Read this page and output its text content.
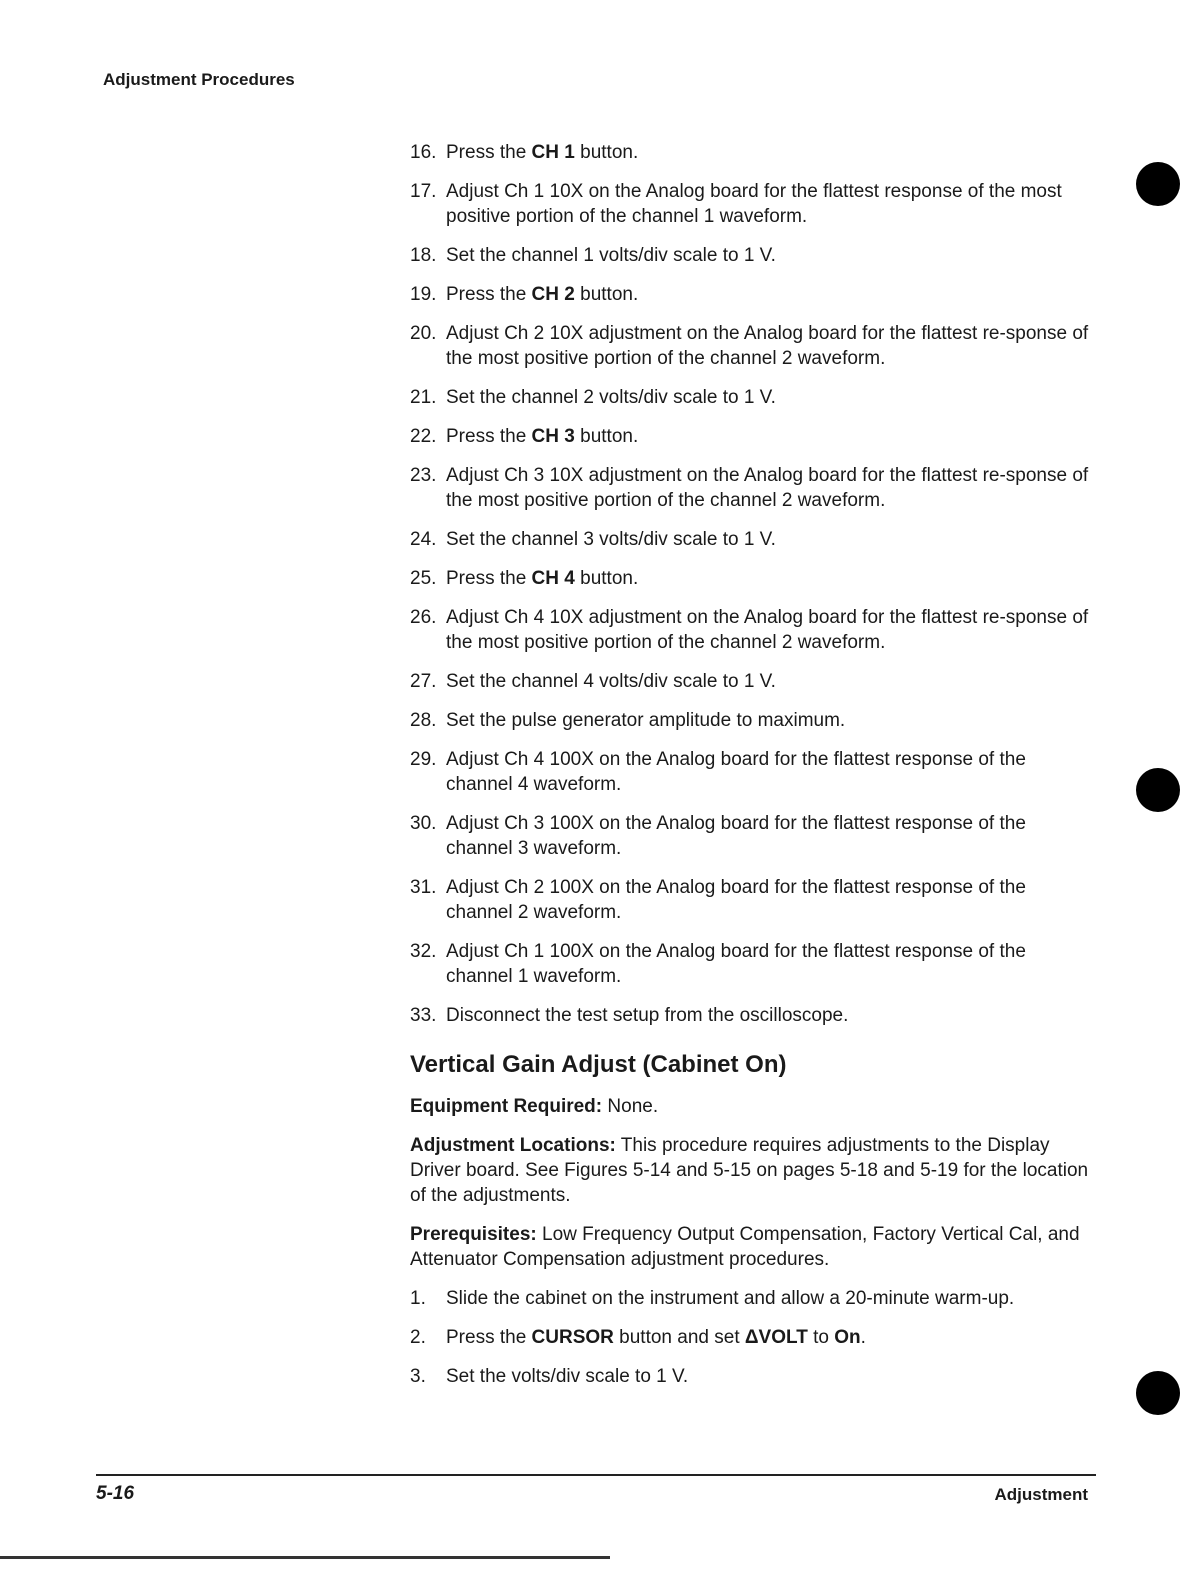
Adjustment Procedures
16. Press the CH 1 button.
17. Adjust Ch 1 10X on the Analog board for the flattest response of the most positive portion of the channel 1 waveform.
18. Set the channel 1 volts/div scale to 1 V.
19. Press the CH 2 button.
20. Adjust Ch 2 10X adjustment on the Analog board for the flattest re-sponse of the most positive portion of the channel 2 waveform.
21. Set the channel 2 volts/div scale to 1 V.
22. Press the CH 3 button.
23. Adjust Ch 3 10X adjustment on the Analog board for the flattest re-sponse of the most positive portion of the channel 2 waveform.
24. Set the channel 3 volts/div scale to 1 V.
25. Press the CH 4 button.
26. Adjust Ch 4 10X adjustment on the Analog board for the flattest re-sponse of the most positive portion of the channel 2 waveform.
27. Set the channel 4 volts/div scale to 1 V.
28. Set the pulse generator amplitude to maximum.
29. Adjust Ch 4 100X on the Analog board for the flattest response of the channel 4 waveform.
30. Adjust Ch 3 100X on the Analog board for the flattest response of the channel 3 waveform.
31. Adjust Ch 2 100X on the Analog board for the flattest response of the channel 2 waveform.
32. Adjust Ch 1 100X on the Analog board for the flattest response of the channel 1 waveform.
33. Disconnect the test setup from the oscilloscope.
Vertical Gain Adjust (Cabinet On)

Equipment Required: None.

Adjustment Locations: This procedure requires adjustments to the Display Driver board. See Figures 5-14 and 5-15 on pages 5-18 and 5-19 for the location of the adjustments.

Prerequisites: Low Frequency Output Compensation, Factory Vertical Cal, and Attenuator Compensation adjustment procedures.

1.	Slide the cabinet on the instrument and allow a 20-minute warm-up.
2.	Press the CURSOR button and set ΔVOLT to On.
3.	Set the volts/div scale to 1 V.
5-16	Adjustment
